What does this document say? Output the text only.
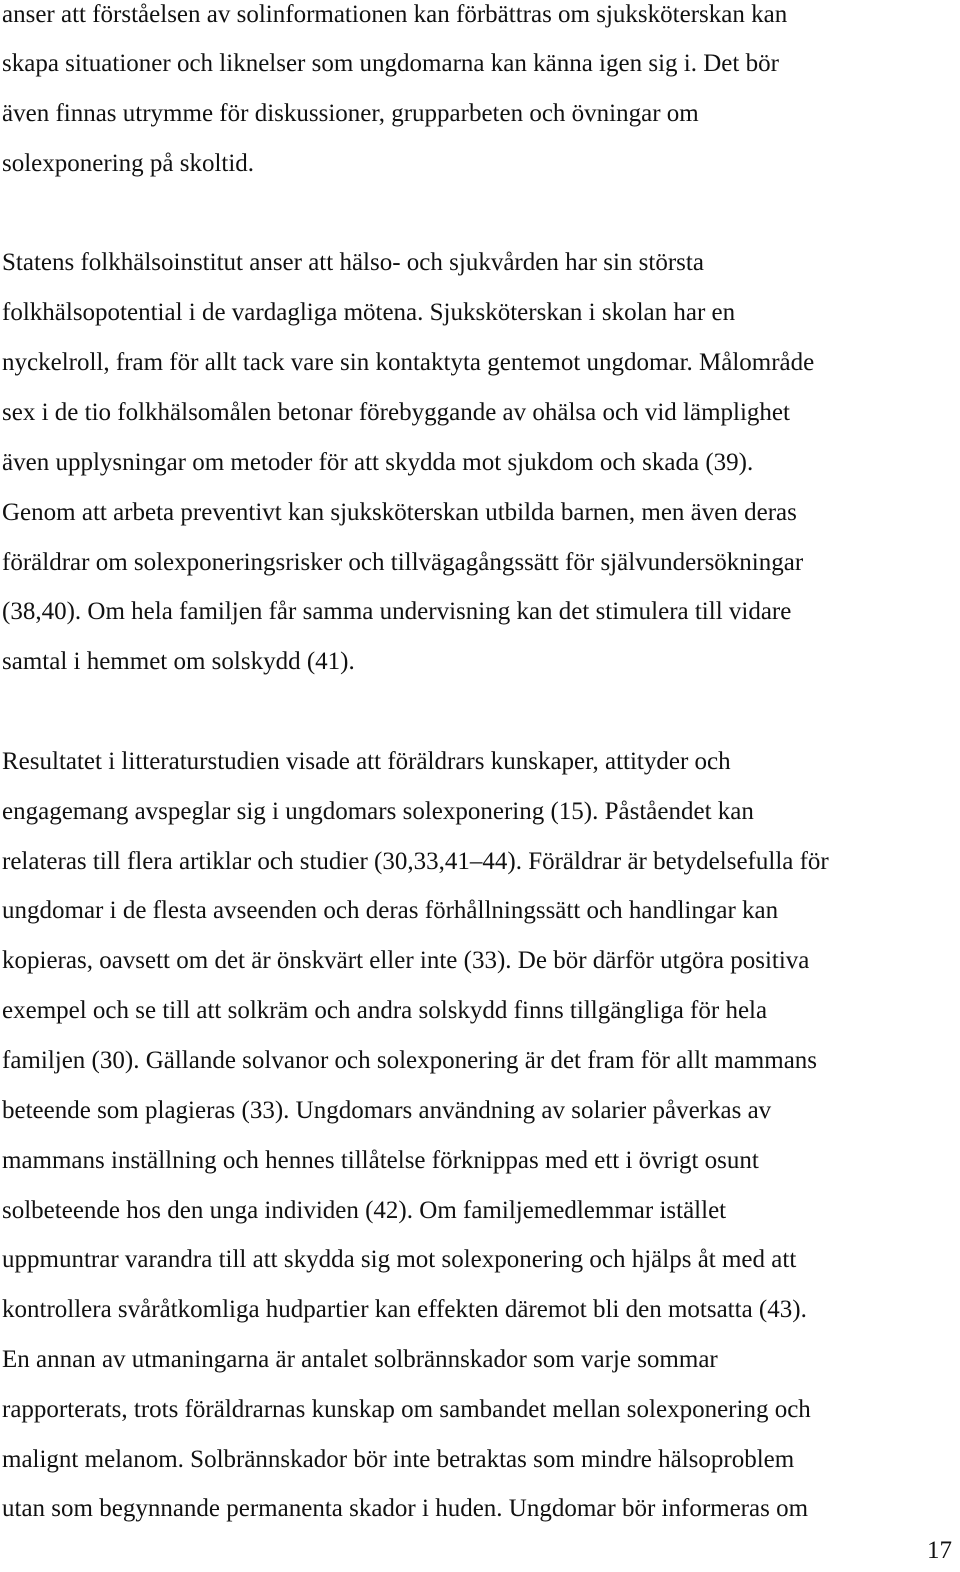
anser att förståelsen av solinformationen kan förbättras om sjuksköterskan kan
skapa situationer och liknelser som ungdomarna kan känna igen sig i. Det bör
även finnas utrymme för diskussioner, grupparbeten och övningar om
solexponering på skoltid.
Statens folkhälsoinstitut anser att hälso- och sjukvården har sin största
folkhälsopotential i de vardagliga mötena. Sjuksköterskan i skolan har en
nyckelroll, fram för allt tack vare sin kontaktyta gentemot ungdomar. Målområde
sex i de tio folkhälsomålen betonar förebyggande av ohälsa och vid lämplighet
även upplysningar om metoder för att skydda mot sjukdom och skada (39).
Genom att arbeta preventivt kan sjuksköterskan utbilda barnen, men även deras
föräldrar om solexponeringsrisker och tillvägagångssätt för självundersökningar
(38,40). Om hela familjen får samma undervisning kan det stimulera till vidare
samtal i hemmet om solskydd (41).
Resultatet i litteraturstudien visade att föräldrars kunskaper, attityder och
engagemang avspeglar sig i ungdomars solexponering (15). Påståendet kan
relateras till flera artiklar och studier (30,33,41–44). Föräldrar är betydelsefulla för
ungdomar i de flesta avseenden och deras förhållningssätt och handlingar kan
kopieras, oavsett om det är önskvärt eller inte (33). De bör därför utgöra positiva
exempel och se till att solkräm och andra solskydd finns tillgängliga för hela
familjen (30). Gällande solvanor och solexponering är det fram för allt mammans
beteende som plagieras (33). Ungdomars användning av solarier påverkas av
mammans inställning och hennes tillåtelse förknippas med ett i övrigt osunt
solbeteende hos den unga individen (42). Om familjemedlemmar istället
uppmuntrar varandra till att skydda sig mot solexponering och hjälps åt med att
kontrollera svåråtkomliga hudpartier kan effekten däremot bli den motsatta (43).
En annan av utmaningarna är antalet solbrännskador som varje sommar
rapporterats, trots föräldrarnas kunskap om sambandet mellan solexponering och
malignt melanom. Solbrännskador bör inte betraktas som mindre hälsoproblem
utan som begynnande permanenta skador i huden. Ungdomar bör informeras om
17
